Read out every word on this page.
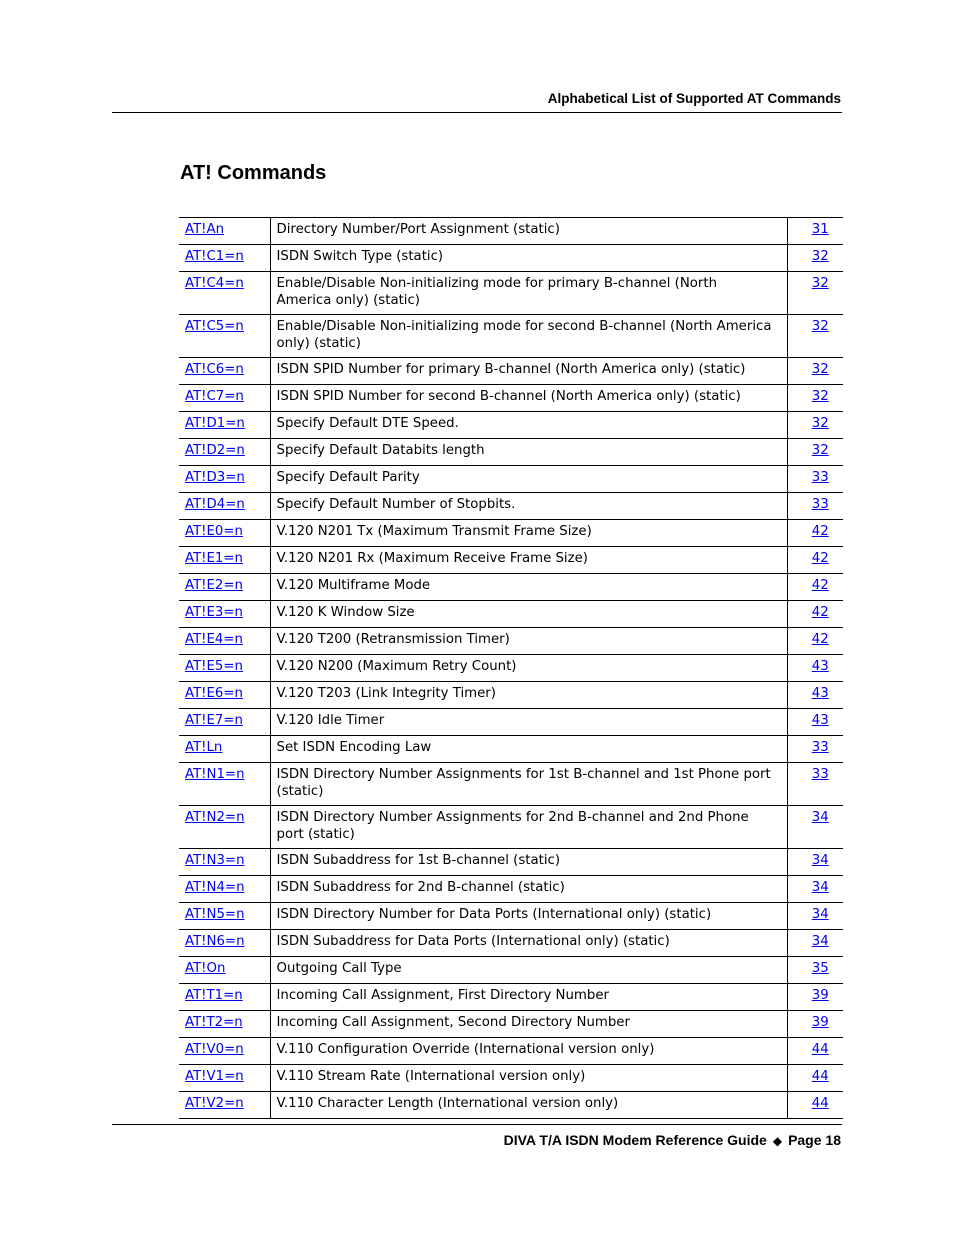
Alphabetical List of Supported AT Commands
AT! Commands
AT!An	Directory Number/Port Assignment (static)	31
AT!C1=n	ISDN Switch Type (static)	32
AT!C4=n	Enable/Disable Non-initializing mode for primary B-channel (North America only) (static)	32
AT!C5=n	Enable/Disable Non-initializing mode for second B-channel (North America only) (static)	32
AT!C6=n	ISDN SPID Number for primary B-channel (North America only) (static)	32
AT!C7=n	ISDN SPID Number for second B-channel (North America only) (static)	32
AT!D1=n	Specify Default DTE Speed.	32
AT!D2=n	Specify Default Databits length	32
AT!D3=n	Specify Default Parity	33
AT!D4=n	Specify Default Number of Stopbits.	33
AT!E0=n	V.120 N201 Tx (Maximum Transmit Frame Size)	42
AT!E1=n	V.120 N201 Rx (Maximum Receive Frame Size)	42
AT!E2=n	V.120 Multiframe Mode	42
AT!E3=n	V.120 K Window Size	42
AT!E4=n	V.120 T200 (Retransmission Timer)	42
AT!E5=n	V.120 N200 (Maximum Retry Count)	43
AT!E6=n	V.120 T203 (Link Integrity Timer)	43
AT!E7=n	V.120 Idle Timer	43
AT!Ln	Set ISDN Encoding Law	33
AT!N1=n	ISDN Directory Number Assignments for 1st B-channel and 1st Phone port (static)	33
AT!N2=n	ISDN Directory Number Assignments for 2nd B-channel and 2nd Phone port (static)	34
AT!N3=n	ISDN Subaddress for 1st B-channel (static)	34
AT!N4=n	ISDN Subaddress for 2nd B-channel (static)	34
AT!N5=n	ISDN Directory Number for Data Ports (International only) (static)	34
AT!N6=n	ISDN Subaddress for Data Ports (International only) (static)	34
AT!On	Outgoing Call Type	35
AT!T1=n	Incoming Call Assignment, First Directory Number	39
AT!T2=n	Incoming Call Assignment, Second Directory Number	39
AT!V0=n	V.110 Configuration Override (International version only)	44
AT!V1=n	V.110 Stream Rate (International version only)	44
AT!V2=n	V.110 Character Length (International version only)	44
DIVA T/A ISDN Modem Reference Guide ◆ Page 18
